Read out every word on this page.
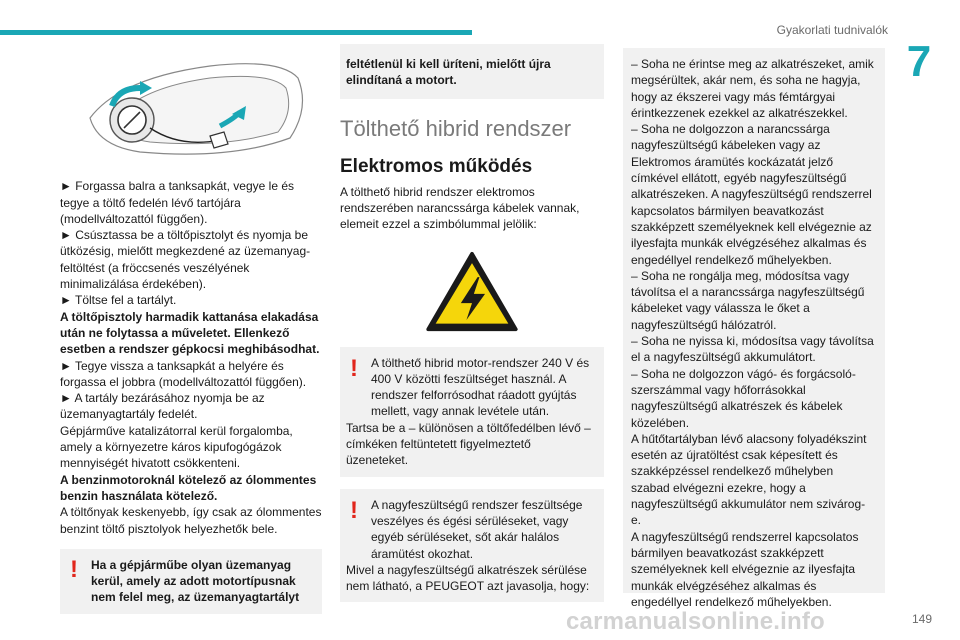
Gyakorlati tudnivalók
7

► Forgassa balra a tanksapkát, vegye le és tegye a töltő fedelén lévő tartójára (modellváltozattól függően).

► Csúsztassa be a töltőpisztolyt és nyomja be ütközésig, mielőtt megkezdené az üzemanyag-feltöltést (a fröccsenés veszélyének minimalizálása érdekében).

► Töltse fel a tartályt.

A töltőpisztoly harmadik kattanása elakadása után ne folytassa a műveletet. Ellenkező esetben a rendszer gépkocsi meghibásodhat.

► Tegye vissza a tanksapkát a helyére és forgassa el jobbra (modellváltozattól függően).

► A tartály bezárásához nyomja be az üzemanyagtartály fedelét.

Gépjárműve katalizátorral kerül forgalomba, amely a környezetre káros kipufogógázok mennyiségét hivatott csökkenteni.

A benzinmotoroknál kötelező az ólommentes benzin használata kötelező.

A töltőnyak keskenyebb, így csak az ólommentes benzint töltő pisztolyok helyezhetők bele.

!	Ha a gépjárműbe olyan üzemanyag kerül, amely az adott motortípusnak nem felel meg, az üzemanyagtartályt

feltétlenül ki kell üríteni, mielőtt újra elindítaná a motort.

Tölthető hibrid rendszer
Elektromos működés

A tölthető hibrid rendszer elektromos rendszerében narancssárga kábelek vannak, elemeit ezzel a szimbólummal jelölik:

!	A tölthető hibrid motor-rendszer 240 V és 400 V közötti feszültséget használ. A rendszer felforrósodhat ráadott gyújtás mellett, vagy annak levétele után.

Tartsa be a – különösen a töltőfedélben lévő – címkéken feltüntetett figyelmeztető üzeneteket.

!	A nagyfeszültségű rendszer feszültsége veszélyes és égési sérüléseket, vagy egyéb sérüléseket, sőt akár halálos áramütést okozhat.

Mivel a nagyfeszültségű alkatrészek sérülése nem látható, a PEUGEOT azt javasolja, hogy:

– Soha ne érintse meg az alkatrészeket, amik megsérültek, akár nem, és soha ne hagyja, hogy az ékszerei vagy más fémtárgyai érintkezzenek ezekkel az alkatrészekkel.

– Soha ne dolgozzon a narancssárga nagyfeszültségű kábeleken vagy az Elektromos áramütés kockázatát jelző címkével ellátott, egyéb nagyfeszültségű alkatrészeken. A nagyfeszültségű rendszerrel kapcsolatos bármilyen beavatkozást szakképzett személyeknek kell elvégeznie az ilyesfajta munkák elvégzéséhez alkalmas és engedéllyel rendelkező műhelyekben.

– Soha ne rongálja meg, módosítsa vagy távolítsa el a narancssárga nagyfeszültségű kábeleket vagy válassza le őket a nagyfeszültségű hálózatról.

– Soha ne nyissa ki, módosítsa vagy távolítsa el a nagyfeszültségű akkumulátort.

– Soha ne dolgozzon vágó- és forgácsoló-szerszámmal vagy hőforrásokkal nagyfeszültségű alkatrészek és kábelek közelében.

A hűtőtartályban lévő alacsony folyadékszint esetén az újratöltést csak képesített és szakképzéssel rendelkező műhelyben szabad elvégezni ezekre, hogy a nagyfeszültségű akkumulátor nem szivárog-e.

A nagyfeszültségű rendszerrel kapcsolatos bármilyen beavatkozást szakképzett személyeknek kell elvégeznie az ilyesfajta munkák elvégzéséhez alkalmas és engedéllyel rendelkező műhelyekben.

carmanualsonline.info	149
